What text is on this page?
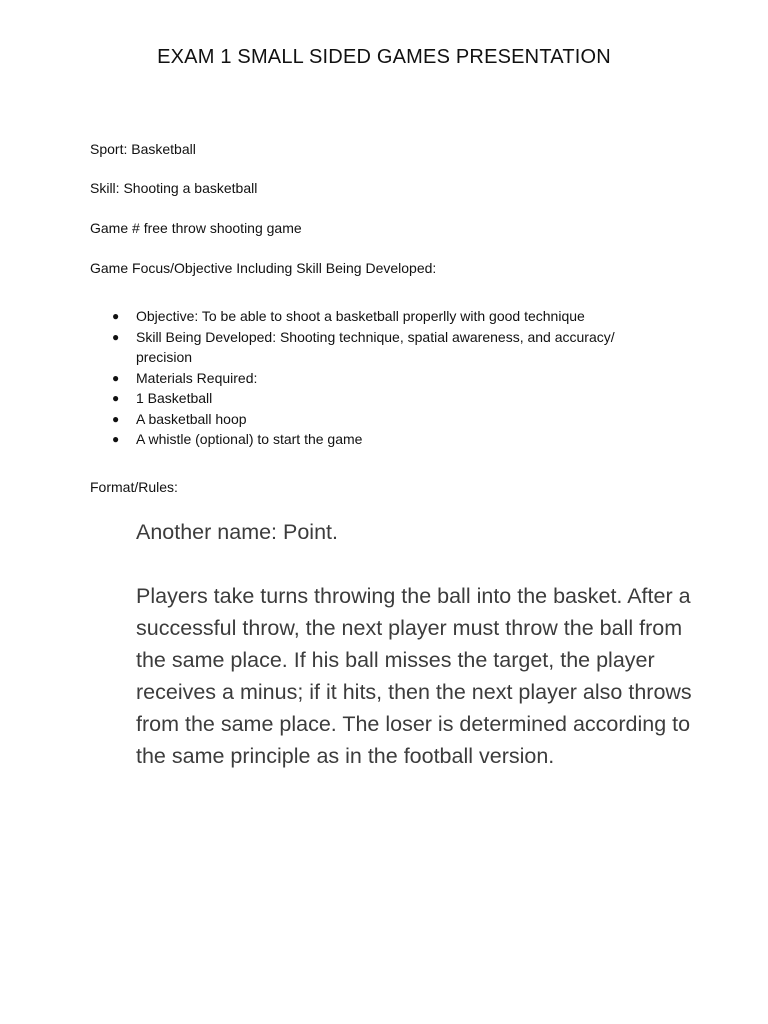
EXAM 1 SMALL SIDED GAMES PRESENTATION
Sport: Basketball
Skill: Shooting a basketball
Game # free throw shooting game
Game Focus/Objective Including Skill Being Developed:
● Objective: To be able to shoot a basketball properlly with good technique
● Skill Being Developed: Shooting technique, spatial awareness, and accuracy/ precision
● Materials Required:
● 1 Basketball
● A basketball hoop
● A whistle (optional) to start the game
Format/Rules:
Another name: Point.
Players take turns throwing the ball into the basket. After a successful throw, the next player must throw the ball from the same place. If his ball misses the target, the player receives a minus; if it hits, then the next player also throws from the same place. The loser is determined according to the same principle as in the football version.
